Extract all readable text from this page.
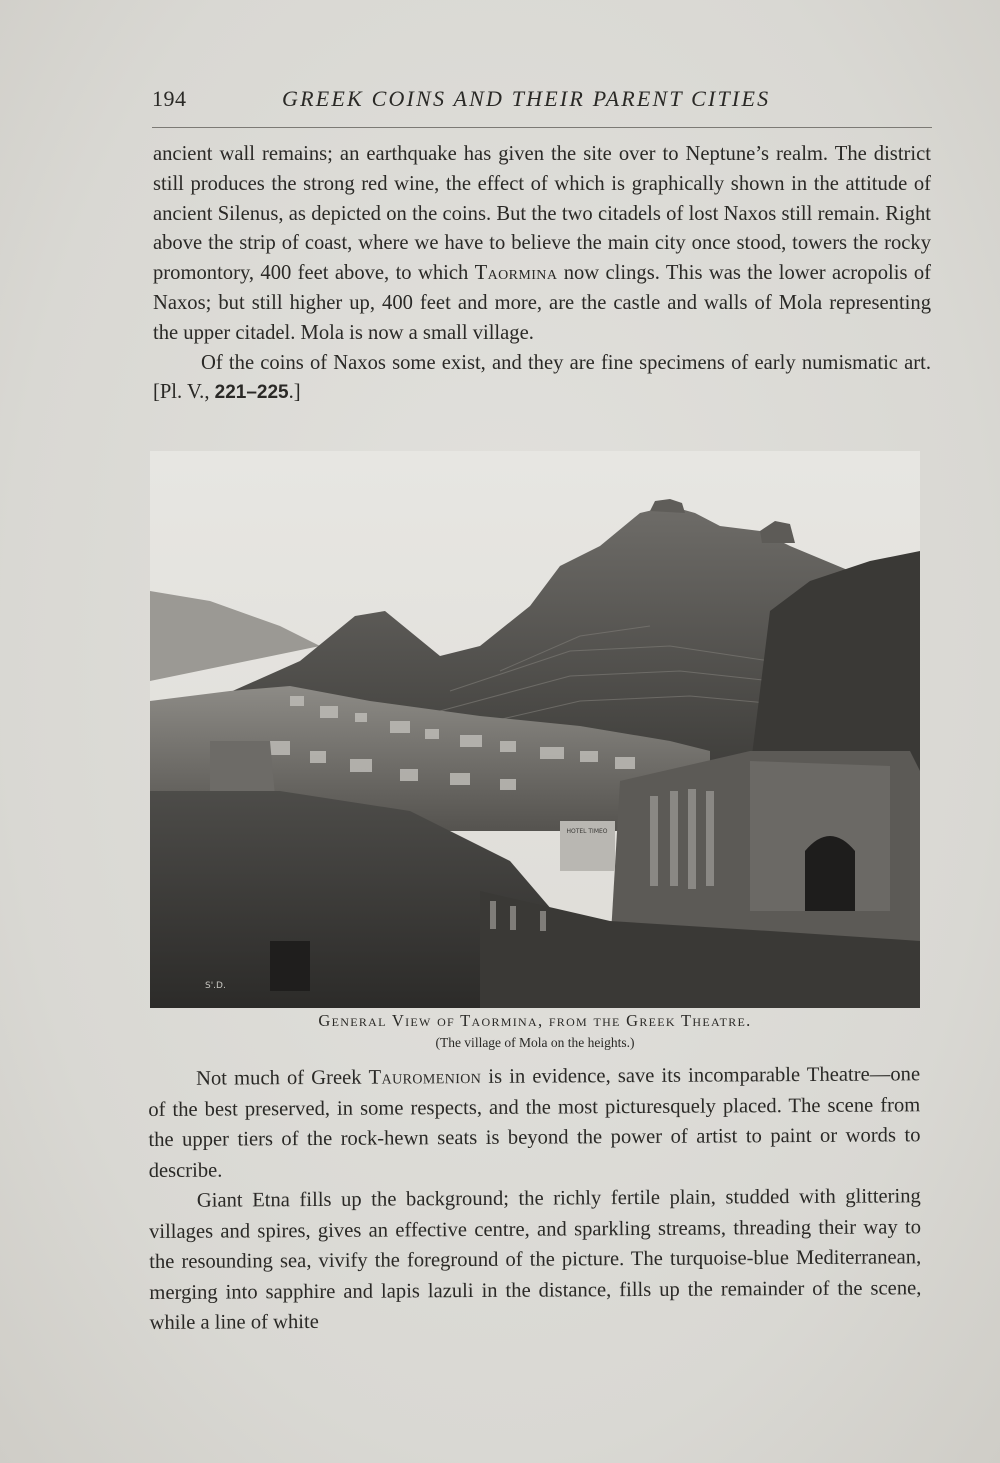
194	GREEK COINS AND THEIR PARENT CITIES

ancient wall remains; an earthquake has given the site over to Neptune’s realm. The district still produces the strong red wine, the effect of which is graphically shown in the attitude of ancient Silenus, as depicted on the coins. But the two citadels of lost Naxos still remain. Right above the strip of coast, where we have to believe the main city once stood, towers the rocky promontory, 400 feet above, to which Taormina now clings. This was the lower acropolis of Naxos; but still higher up, 400 feet and more, are the castle and walls of Mola representing the upper citadel. Mola is now a small village.

Of the coins of Naxos some exist, and they are fine specimens of early numismatic art. [Pl. V., 221–225.]

HOTEL TIMEO
S'.D.
General View of Taormina, from the Greek Theatre.
(The village of Mola on the heights.)

Not much of Greek Tauromenion is in evidence, save its incomparable Theatre—one of the best preserved, in some respects, and the most picturesquely placed. The scene from the upper tiers of the rock-hewn seats is beyond the power of artist to paint or words to describe.

Giant Etna fills up the background; the richly fertile plain, studded with glittering villages and spires, gives an effective centre, and sparkling streams, threading their way to the resounding sea, vivify the foreground of the picture. The turquoise-blue Mediterranean, merging into sapphire and lapis lazuli in the distance, fills up the remainder of the scene, while a line of white
